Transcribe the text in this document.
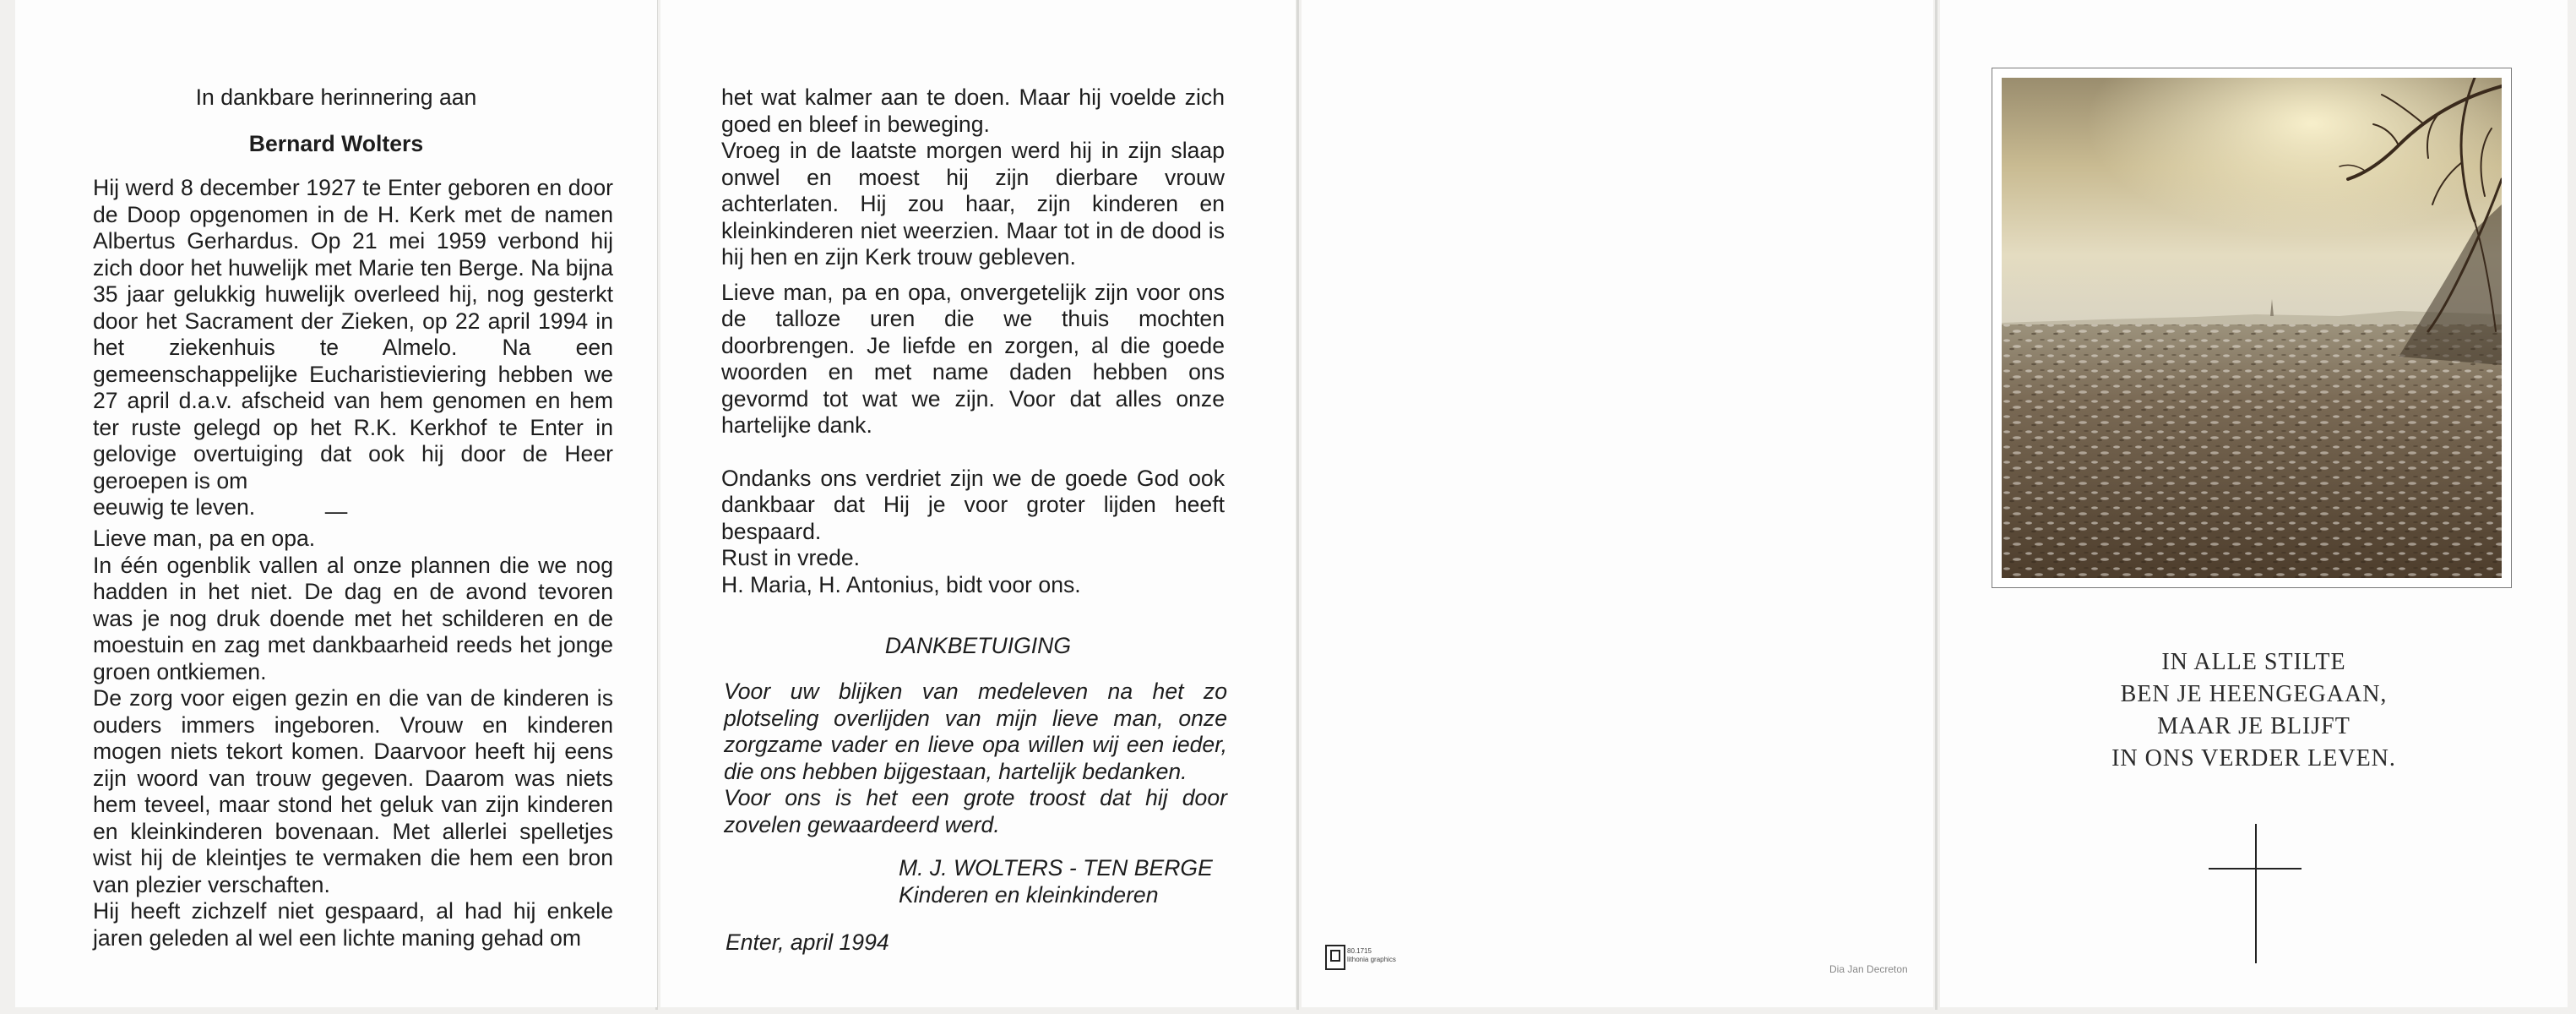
In dankbare herinnering aan
Bernard Wolters
Hij werd 8 december 1927 te Enter geboren en door de Doop opgenomen in de H. Kerk met de namen Albertus Gerhardus. Op 21 mei 1959 verbond hij zich door het huwelijk met Marie ten Berge. Na bijna 35 jaar gelukkig huwelijk overleed hij, nog gesterkt door het Sacrament der Zieken, op 22 april 1994 in het ziekenhuis te Almelo. Na een gemeenschappelijke Eucharistieviering hebben we 27 april d.a.v. afscheid van hem genomen en hem ter ruste gelegd op het R.K. Kerkhof te Enter in gelovige overtuiging dat ook hij door de Heer geroepen is om
eeuwig te leven.	—

Lieve man, pa en opa.

In één ogenblik vallen al onze plannen die we nog hadden in het niet. De dag en de avond tevoren was je nog druk doende met het schilderen en de moestuin en zag met dankbaarheid reeds het jonge groen ontkiemen.

De zorg voor eigen gezin en die van de kinderen is ouders immers ingeboren. Vrouw en kinderen mogen niets tekort komen. Daarvoor heeft hij eens zijn woord van trouw gegeven. Daarom was niets hem teveel, maar stond het geluk van zijn kinderen en kleinkinderen bovenaan. Met allerlei spelletjes wist hij de kleintjes te vermaken die hem een bron van plezier verschaften.

Hij heeft zichzelf niet gespaard, al had hij enkele jaren geleden al wel een lichte maning gehad om

het wat kalmer aan te doen. Maar hij voelde zich goed en bleef in beweging.

Vroeg in de laatste morgen werd hij in zijn slaap onwel en moest hij zijn dierbare vrouw achterlaten. Hij zou haar, zijn kinderen en kleinkinderen niet weerzien. Maar tot in de dood is hij hen en zijn Kerk trouw gebleven.

Lieve man, pa en opa, onvergetelijk zijn voor ons de talloze uren die we thuis mochten doorbrengen. Je liefde en zorgen, al die goede woorden en met name daden hebben ons gevormd tot wat we zijn. Voor dat alles onze hartelijke dank.

Ondanks ons verdriet zijn we de goede God ook dankbaar dat Hij je voor groter lijden heeft bespaard.

Rust in vrede.

H. Maria, H. Antonius, bidt voor ons.

DANKBETUIGING

Voor uw blijken van medeleven na het zo plotseling overlijden van mijn lieve man, onze zorgzame vader en lieve opa willen wij een ieder, die ons hebben bijgestaan, hartelijk bedanken.

Voor ons is het een grote troost dat hij door zovelen gewaardeerd werd.

M. J. WOLTERS - TEN BERGE

Kinderen en kleinkinderen

Enter, april 1994	80.1715
lithonia graphics
Dia Jan Decreton
IN ALLE STILTE
BEN JE HEENGEGAAN,
MAAR JE BLIJFT
IN ONS VERDER LEVEN.
